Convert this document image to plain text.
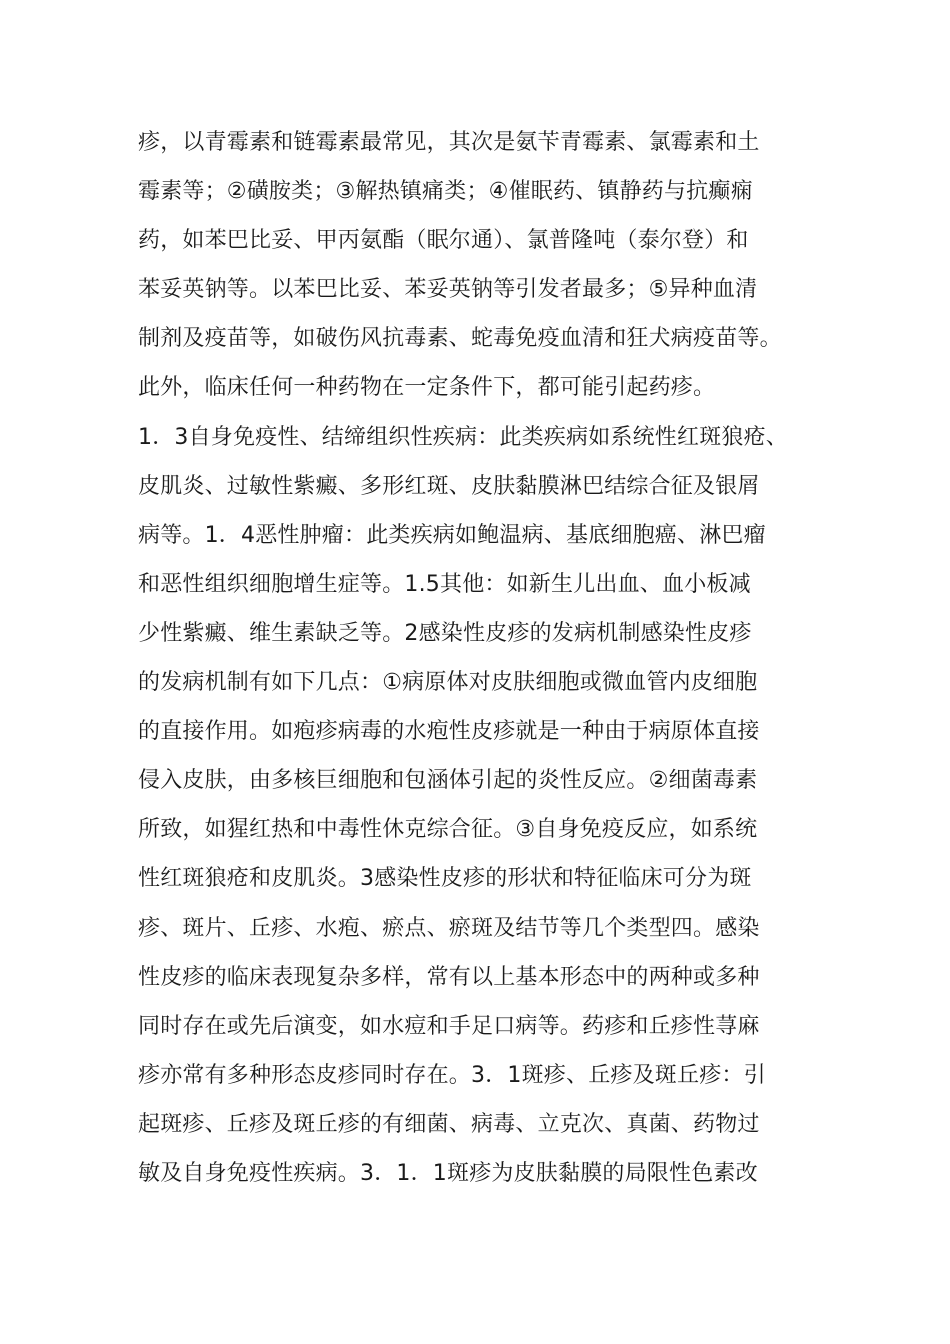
疹，以青霉素和链霉素最常见，其次是氨苄青霉素、氯霉素和土
霉素等；②磺胺类；③解热镇痛类；④催眠药、镇静药与抗癫痫
药，如苯巴比妥、甲丙氨酯（眠尔通）、氯普隆吨（泰尔登）和
苯妥英钠等。以苯巴比妥、苯妥英钠等引发者最多；⑤异种血清
制剂及疫苗等，如破伤风抗毒素、蛇毒免疫血清和狂犬病疫苗等。
此外，临床任何一种药物在一定条件下，都可能引起药疹。
1．3自身免疫性、结缔组织性疾病：此类疾病如系统性红斑狼疮、
皮肌炎、过敏性紫癜、多形红斑、皮肤黏膜淋巴结综合征及银屑
病等。1．4恶性肿瘤：此类疾病如鲍温病、基底细胞癌、淋巴瘤
和恶性组织细胞增生症等。1.5其他：如新生儿出血、血小板减
少性紫癜、维生素缺乏等。2感染性皮疹的发病机制感染性皮疹
的发病机制有如下几点：①病原体对皮肤细胞或微血管内皮细胞
的直接作用。如疱疹病毒的水疱性皮疹就是一种由于病原体直接
侵入皮肤，由多核巨细胞和包涵体引起的炎性反应。②细菌毒素
所致，如猩红热和中毒性休克综合征。③自身免疫反应，如系统
性红斑狼疮和皮肌炎。3感染性皮疹的形状和特征临床可分为斑
疹、斑片、丘疹、水疱、瘀点、瘀斑及结节等几个类型四。感染
性皮疹的临床表现复杂多样，常有以上基本形态中的两种或多种
同时存在或先后演变，如水痘和手足口病等。药疹和丘疹性荨麻
疹亦常有多种形态皮疹同时存在。3．1斑疹、丘疹及斑丘疹：引
起斑疹、丘疹及斑丘疹的有细菌、病毒、立克次、真菌、药物过
敏及自身免疫性疾病。3．1．1斑疹为皮肤黏膜的局限性色素改
